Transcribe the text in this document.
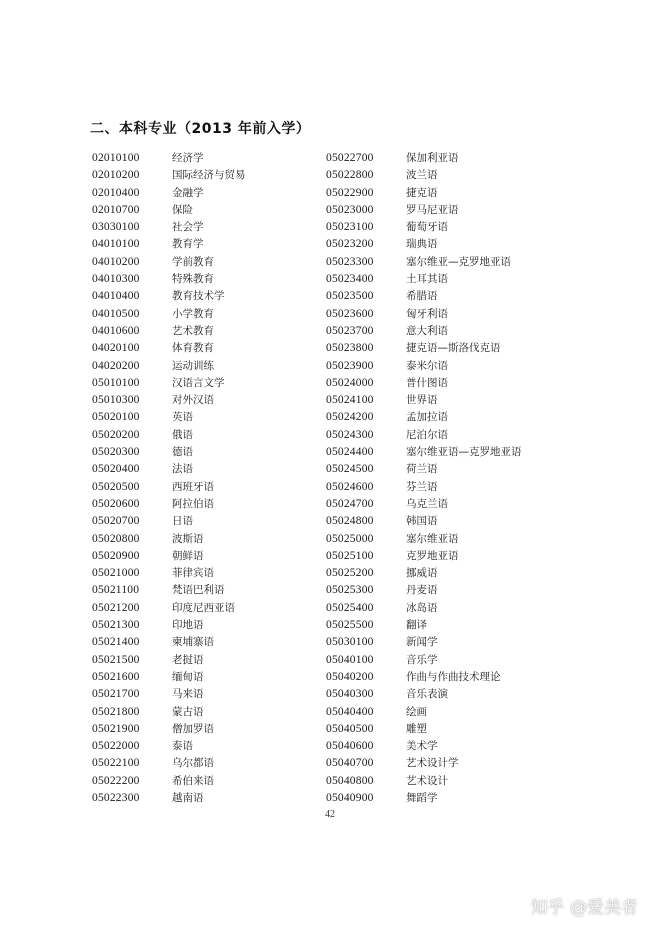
二、本科专业（2013 年前入学）
02010100	经济学
02010200	国际经济与贸易
02010400	金融学
02010700	保险
03030100	社会学
04010100	教育学
04010200	学前教育
04010300	特殊教育
04010400	教育技术学
04010500	小学教育
04010600	艺术教育
04020100	体育教育
04020200	运动训练
05010100	汉语言文学
05010300	对外汉语
05020100	英语
05020200	俄语
05020300	德语
05020400	法语
05020500	西班牙语
05020600	阿拉伯语
05020700	日语
05020800	波斯语
05020900	朝鲜语
05021000	菲律宾语
05021100	梵语巴利语
05021200	印度尼西亚语
05021300	印地语
05021400	柬埔寨语
05021500	老挝语
05021600	缅甸语
05021700	马来语
05021800	蒙古语
05021900	僧加罗语
05022000	泰语
05022100	乌尔都语
05022200	希伯来语
05022300	越南语
05022700	保加利亚语
05022800	波兰语
05022900	捷克语
05023000	罗马尼亚语
05023100	葡萄牙语
05023200	瑞典语
05023300	塞尔维亚—克罗地亚语
05023400	土耳其语
05023500	希腊语
05023600	匈牙利语
05023700	意大利语
05023800	捷克语—斯洛伐克语
05023900	泰米尔语
05024000	普什图语
05024100	世界语
05024200	孟加拉语
05024300	尼泊尔语
05024400	塞尔维亚语—克罗地亚语
05024500	荷兰语
05024600	芬兰语
05024700	乌克兰语
05024800	韩国语
05025000	塞尔维亚语
05025100	克罗地亚语
05025200	挪威语
05025300	丹麦语
05025400	冰岛语
05025500	翻译
05030100	新闻学
05040100	音乐学
05040200	作曲与作曲技术理论
05040300	音乐表演
05040400	绘画
05040500	雕塑
05040600	美术学
05040700	艺术设计学
05040800	艺术设计
05040900	舞蹈学
42
知乎 @爱美者
